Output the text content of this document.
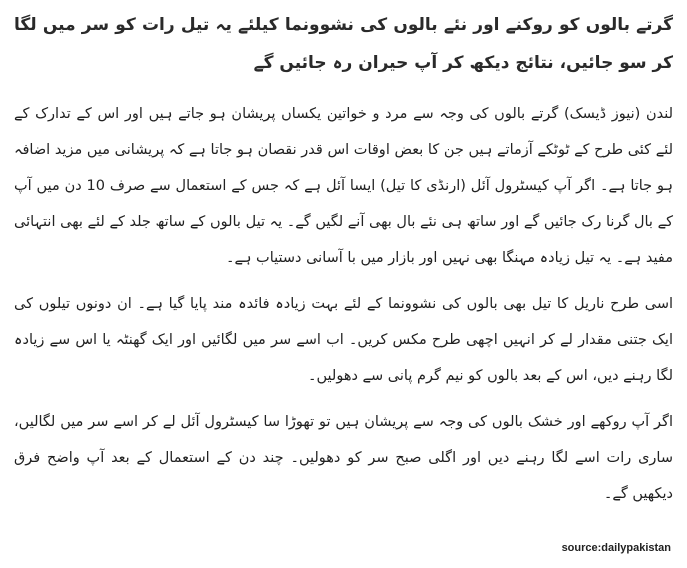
گرتے بالوں کو روکنے اور نئے بالوں کی نشوونما کیلئے یہ تیل رات کو سر میں لگا کر سو جائیں، نتائج دیکھ کر آپ حیران رہ جائیں گے

لندن (نیوز ڈیسک) گرتے بالوں کی وجہ سے مرد و خواتین یکساں پریشان ہو جاتے ہیں اور اس کے تدارک کے لئے کئی طرح کے ٹوٹکے آزماتے ہیں جن کا بعض اوقات اس قدر نقصان ہو جاتا ہے کہ پریشانی میں مزید اضافہ ہو جاتا ہے۔ اگر آپ کیسٹرول آئل (ارنڈی کا تیل) ایسا آئل ہے کہ جس کے استعمال سے صرف 10 دن میں آپ کے بال گرنا رک جائیں گے اور ساتھ ہی نئے بال بھی آنے لگیں گے۔ یہ تیل بالوں کے ساتھ جلد کے لئے بھی انتہائی مفید ہے۔ یہ تیل زیادہ مہنگا بھی نہیں اور بازار میں با آسانی دستیاب ہے۔

اسی طرح ناریل کا تیل بھی بالوں کی نشوونما کے لئے بہت زیادہ فائدہ مند پایا گیا ہے۔ ان دونوں تیلوں کی ایک جتنی مقدار لے کر انہیں اچھی طرح مکس کریں۔ اب اسے سر میں لگائیں اور ایک گھنٹہ یا اس سے زیادہ لگا رہنے دیں، اس کے بعد بالوں کو نیم گرم پانی سے دھولیں۔

اگر آپ روکھے اور خشک بالوں کی وجہ سے پریشان ہیں تو تھوڑا سا کیسٹرول آئل لے کر اسے سر میں لگالیں، ساری رات اسے لگا رہنے دیں اور اگلی صبح سر کو دھولیں۔ چند دن کے استعمال کے بعد آپ واضح فرق دیکھیں گے۔

source:dailypakistan
